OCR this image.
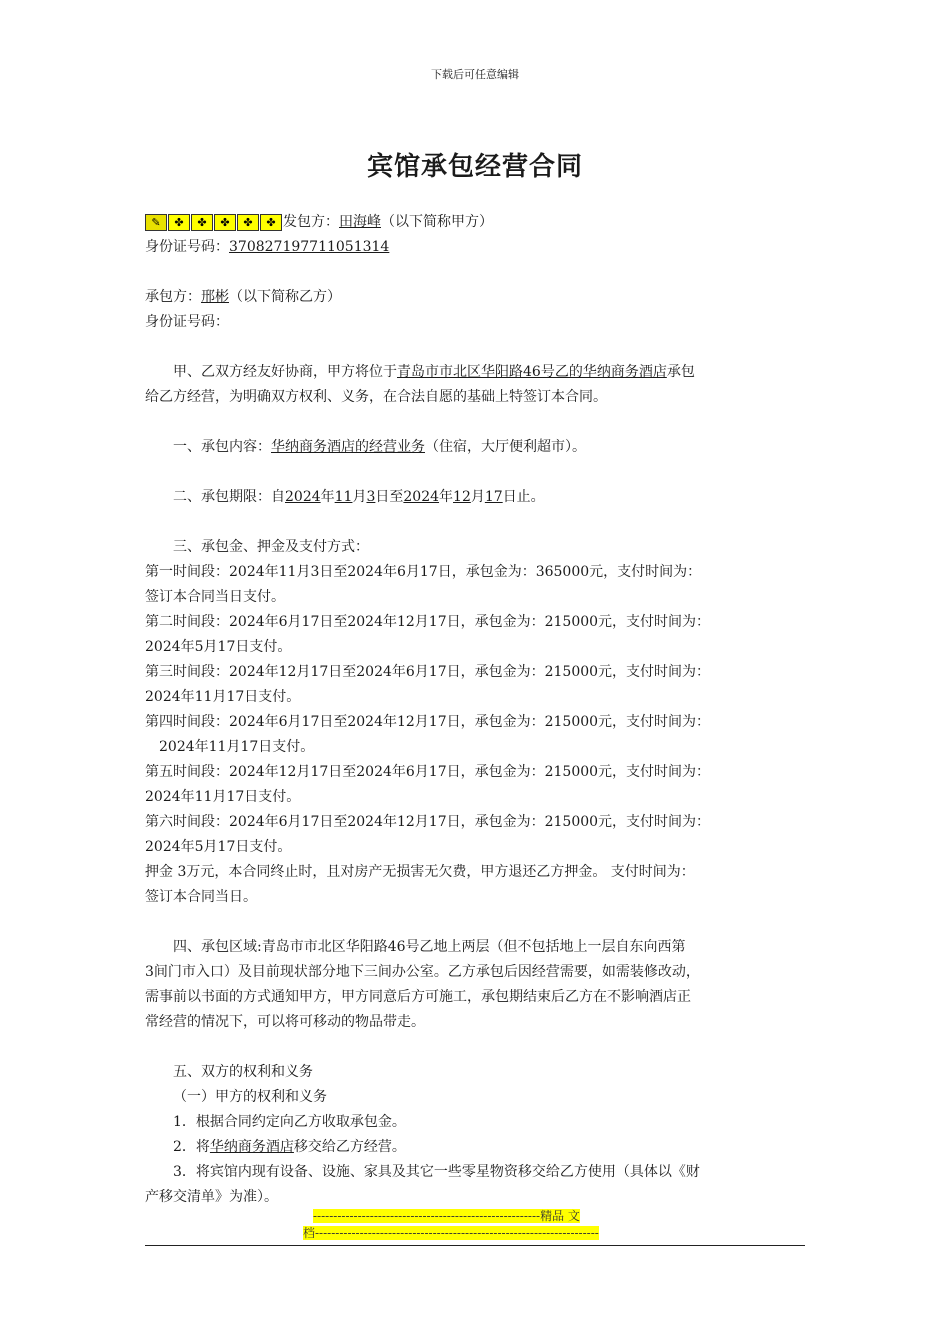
下载后可任意编辑
宾馆承包经营合同
✎	✤	✤	✤	✤	✤ 发包方： 田海峰 （以下简称甲方）
身份证号码：370827197711051314
承包方：邢彬（以下简称乙方）
身份证号码：
甲、乙双方经友好协商，甲方将位于青岛市市北区华阳路46号乙的华纳商务酒店承包
给乙方经营，为明确双方权利、义务，在合法自愿的基础上特签订本合同。
一、承包内容：华纳商务酒店的经营业务（住宿，大厅便利超市）。
二、承包期限：自2024年11月3日至2024年12月17日止。
三、承包金、押金及支付方式：
第一时间段：2024年11月3日至2024年6月17日，承包金为：365000元，支付时间为：
签订本合同当日支付。
第二时间段：2024年6月17日至2024年12月17日，承包金为：215000元，支付时间为：
2024年5月17日支付。
第三时间段：2024年12月17日至2024年6月17日，承包金为：215000元，支付时间为：
2024年11月17日支付。
第四时间段：2024年6月17日至2024年12月17日，承包金为：215000元，支付时间为：
2024年11月17日支付。
第五时间段：2024年12月17日至2024年6月17日，承包金为：215000元，支付时间为：
2024年11月17日支付。
第六时间段：2024年6月17日至2024年12月17日，承包金为：215000元，支付时间为：
2024年5月17日支付。
押金 3万元，本合同终止时，且对房产无损害无欠费，甲方退还乙方押金。 支付时间为：
签订本合同当日。
四、承包区域:青岛市市北区华阳路46号乙地上两层（但不包括地上一层自东向西第
3间门市入口）及目前现状部分地下三间办公室。乙方承包后因经营需要，如需装修改动，
需事前以书面的方式通知甲方，甲方同意后方可施工，承包期结束后乙方在不影响酒店正
常经营的情况下，可以将可移动的物品带走。
五、双方的权利和义务
（一）甲方的权利和义务
1．根据合同约定向乙方收取承包金。
2．将华纳商务酒店移交给乙方经营。
3．将宾馆内现有设备、设施、家具及其它一些零星物资移交给乙方使用（具体以《财
产移交清单》为准）。
--------------------------------------------------------精品 文
档----------------------------------------------------------------------
